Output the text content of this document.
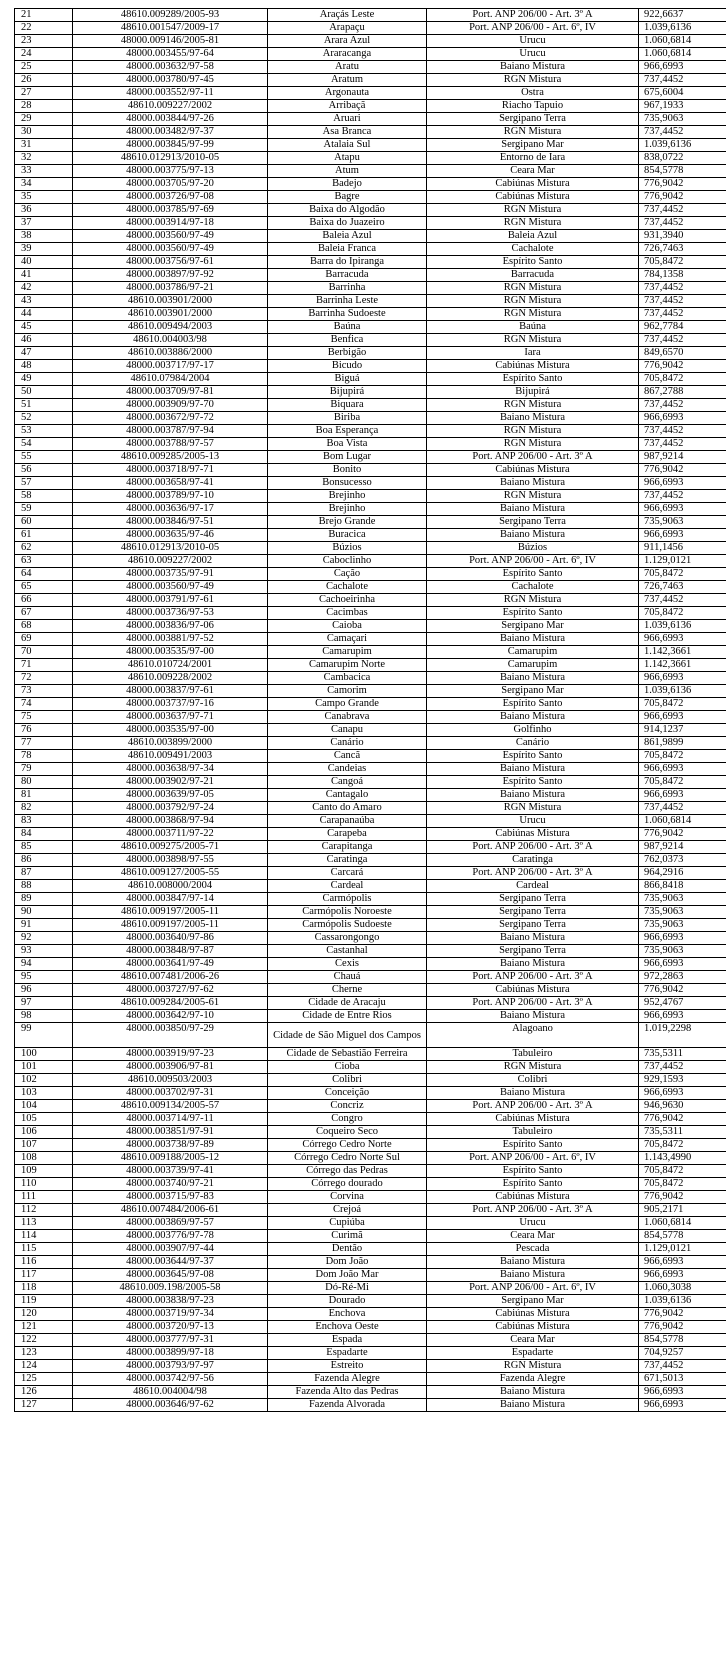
21	48610.009289/2005-93	Araçás Leste	Port. ANP 206/00 - Art. 3º A	922,6637
22	48610.001547/2009-17	Arapaçu	Port. ANP 206/00 - Art. 6º, IV	1.039,6136
23	48000.009146/2005-81	Arara Azul	Urucu	1.060,6814
24	48000.003455/97-64	Araracanga	Urucu	1.060,6814
25	48000.003632/97-58	Aratu	Baiano Mistura	966,6993
26	48000.003780/97-45	Aratum	RGN Mistura	737,4452
27	48000.003552/97-11	Argonauta	Ostra	675,6004
28	48610.009227/2002	Arribaçã	Riacho Tapuio	967,1933
29	48000.003844/97-26	Aruari	Sergipano Terra	735,9063
30	48000.003482/97-37	Asa Branca	RGN Mistura	737,4452
31	48000.003845/97-99	Atalaia Sul	Sergipano Mar	1.039,6136
32	48610.012913/2010-05	Atapu	Entorno de Iara	838,0722
33	48000.003775/97-13	Atum	Ceara Mar	854,5778
34	48000.003705/97-20	Badejo	Cabiúnas Mistura	776,9042
35	48000.003726/97-08	Bagre	Cabiúnas Mistura	776,9042
36	48000.003785/97-69	Baixa do Algodão	RGN Mistura	737,4452
37	48000.003914/97-18	Baixa do Juazeiro	RGN Mistura	737,4452
38	48000.003560/97-49	Baleia Azul	Baleia Azul	931,3940
39	48000.003560/97-49	Baleia Franca	Cachalote	726,7463
40	48000.003756/97-61	Barra do Ipiranga	Espírito Santo	705,8472
41	48000.003897/97-92	Barracuda	Barracuda	784,1358
42	48000.003786/97-21	Barrinha	RGN Mistura	737,4452
43	48610.003901/2000	Barrinha Leste	RGN Mistura	737,4452
44	48610.003901/2000	Barrinha Sudoeste	RGN Mistura	737,4452
45	48610.009494/2003	Baúna	Baúna	962,7784
46	48610.004003/98	Benfica	RGN Mistura	737,4452
47	48610.003886/2000	Berbigão	Iara	849,6570
48	48000.003717/97-17	Bicudo	Cabiúnas Mistura	776,9042
49	48610.07984/2004	Biguá	Espírito Santo	705,8472
50	48000.003709/97-81	Bijupirá	Bijupirá	867,2788
51	48000.003909/97-70	Biquara	RGN Mistura	737,4452
52	48000.003672/97-72	Biriba	Baiano Mistura	966,6993
53	48000.003787/97-94	Boa Esperança	RGN Mistura	737,4452
54	48000.003788/97-57	Boa Vista	RGN Mistura	737,4452
55	48610.009285/2005-13	Bom Lugar	Port. ANP 206/00 - Art. 3º A	987,9214
56	48000.003718/97-71	Bonito	Cabiúnas Mistura	776,9042
57	48000.003658/97-41	Bonsucesso	Baiano Mistura	966,6993
58	48000.003789/97-10	Brejinho	RGN Mistura	737,4452
59	48000.003636/97-17	Brejinho	Baiano Mistura	966,6993
60	48000.003846/97-51	Brejo Grande	Sergipano Terra	735,9063
61	48000.003635/97-46	Buracica	Baiano Mistura	966,6993
62	48610.012913/2010-05	Búzios	Búzios	911,1456
63	48610.009227/2002	Caboclinho	Port. ANP 206/00 - Art. 6º, IV	1.129,0121
64	48000.003735/97-91	Cação	Espírito Santo	705,8472
65	48000.003560/97-49	Cachalote	Cachalote	726,7463
66	48000.003791/97-61	Cachoeirinha	RGN Mistura	737,4452
67	48000.003736/97-53	Cacimbas	Espírito Santo	705,8472
68	48000.003836/97-06	Caioba	Sergipano Mar	1.039,6136
69	48000.003881/97-52	Camaçari	Baiano Mistura	966,6993
70	48000.003535/97-00	Camarupim	Camarupim	1.142,3661
71	48610.010724/2001	Camarupim Norte	Camarupim	1.142,3661
72	48610.009228/2002	Cambacica	Baiano Mistura	966,6993
73	48000.003837/97-61	Camorim	Sergipano Mar	1.039,6136
74	48000.003737/97-16	Campo Grande	Espírito Santo	705,8472
75	48000.003637/97-71	Canabrava	Baiano Mistura	966,6993
76	48000.003535/97-00	Canapu	Golfinho	914,1237
77	48610.003899/2000	Canário	Canário	861,9899
78	48610.009491/2003	Cancã	Espírito Santo	705,8472
79	48000.003638/97-34	Candeias	Baiano Mistura	966,6993
80	48000.003902/97-21	Cangoá	Espírito Santo	705,8472
81	48000.003639/97-05	Cantagalo	Baiano Mistura	966,6993
82	48000.003792/97-24	Canto do Amaro	RGN Mistura	737,4452
83	48000.003868/97-94	Carapanaúba	Urucu	1.060,6814
84	48000.003711/97-22	Carapeba	Cabiúnas Mistura	776,9042
85	48610.009275/2005-71	Carapitanga	Port. ANP 206/00 - Art. 3º A	987,9214
86	48000.003898/97-55	Caratinga	Caratinga	762,0373
87	48610.009127/2005-55	Carcará	Port. ANP 206/00 - Art. 3º A	964,2916
88	48610.008000/2004	Cardeal	Cardeal	866,8418
89	48000.003847/97-14	Carmópolis	Sergipano Terra	735,9063
90	48610.009197/2005-11	Carmópolis Noroeste	Sergipano Terra	735,9063
91	48610.009197/2005-11	Carmópolis Sudoeste	Sergipano Terra	735,9063
92	48000.003640/97-86	Cassarongongo	Baiano Mistura	966,6993
93	48000.003848/97-87	Castanhal	Sergipano Terra	735,9063
94	48000.003641/97-49	Cexis	Baiano Mistura	966,6993
95	48610.007481/2006-26	Chauá	Port. ANP 206/00 - Art. 3º A	972,2863
96	48000.003727/97-62	Cherne	Cabiúnas Mistura	776,9042
97	48610.009284/2005-61	Cidade de Aracaju	Port. ANP 206/00 - Art. 3º A	952,4767
98	48000.003642/97-10	Cidade de Entre Rios	Baiano Mistura	966,6993
99	48000.003850/97-29	Cidade de São Miguel dos Campos	Alagoano	1.019,2298
100	48000.003919/97-23	Cidade de Sebastião Ferreira	Tabuleiro	735,5311
101	48000.003906/97-81	Cioba	RGN Mistura	737,4452
102	48610.009503/2003	Colibri	Colibri	929,1593
103	48000.003702/97-31	Conceição	Baiano Mistura	966,6993
104	48610.009134/2005-57	Concriz	Port. ANP 206/00 - Art. 3º A	946,9630
105	48000.003714/97-11	Congro	Cabiúnas Mistura	776,9042
106	48000.003851/97-91	Coqueiro Seco	Tabuleiro	735,5311
107	48000.003738/97-89	Córrego Cedro Norte	Espírito Santo	705,8472
108	48610.009188/2005-12	Córrego Cedro Norte Sul	Port. ANP 206/00 - Art. 6º, IV	1.143,4990
109	48000.003739/97-41	Córrego das Pedras	Espírito Santo	705,8472
110	48000.003740/97-21	Córrego dourado	Espírito Santo	705,8472
111	48000.003715/97-83	Corvina	Cabiúnas Mistura	776,9042
112	48610.007484/2006-61	Crejoá	Port. ANP 206/00 - Art. 3º A	905,2171
113	48000.003869/97-57	Cupiúba	Urucu	1.060,6814
114	48000.003776/97-78	Curimã	Ceara Mar	854,5778
115	48000.003907/97-44	Dentão	Pescada	1.129,0121
116	48000.003644/97-37	Dom João	Baiano Mistura	966,6993
117	48000.003645/97-08	Dom João Mar	Baiano Mistura	966,6993
118	48610.009.198/2005-58	Dó-Ré-Mi	Port. ANP 206/00 - Art. 6º, IV	1.060,3038
119	48000.003838/97-23	Dourado	Sergipano Mar	1.039,6136
120	48000.003719/97-34	Enchova	Cabiúnas Mistura	776,9042
121	48000.003720/97-13	Enchova Oeste	Cabiúnas Mistura	776,9042
122	48000.003777/97-31	Espada	Ceara Mar	854,5778
123	48000.003899/97-18	Espadarte	Espadarte	704,9257
124	48000.003793/97-97	Estreito	RGN Mistura	737,4452
125	48000.003742/97-56	Fazenda Alegre	Fazenda Alegre	671,5013
126	48610.004004/98	Fazenda Alto das Pedras	Baiano Mistura	966,6993
127	48000.003646/97-62	Fazenda Alvorada	Baiano Mistura	966,6993
